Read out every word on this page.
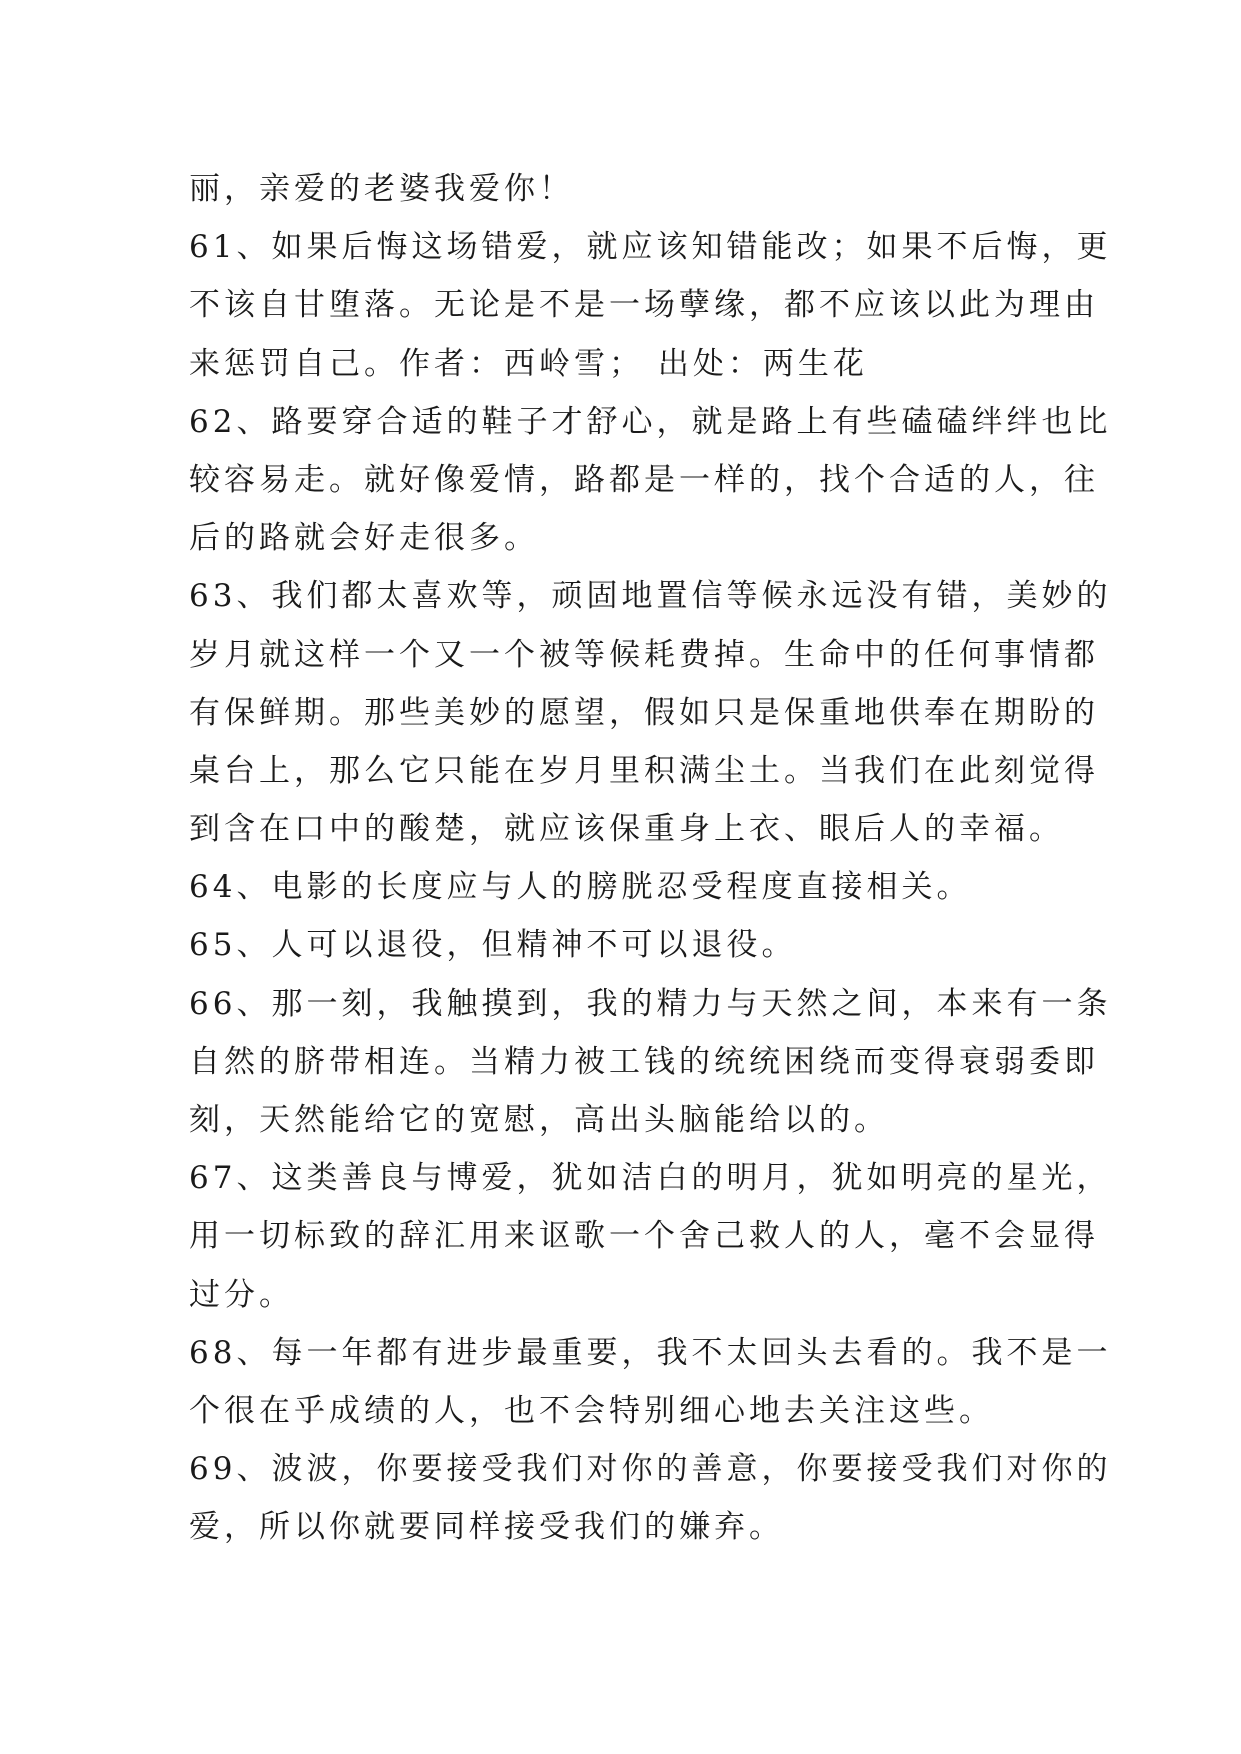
丽，亲爱的老婆我爱你！
61、如果后悔这场错爱，就应该知错能改；如果不后悔，更
不该自甘堕落。无论是不是一场孽缘，都不应该以此为理由
来惩罚自己。作者：西岭雪； 出处：两生花
62、路要穿合适的鞋子才舒心，就是路上有些磕磕绊绊也比
较容易走。就好像爱情，路都是一样的，找个合适的人，往
后的路就会好走很多。
63、我们都太喜欢等，顽固地置信等候永远没有错，美妙的
岁月就这样一个又一个被等候耗费掉。生命中的任何事情都
有保鲜期。那些美妙的愿望，假如只是保重地供奉在期盼的
桌台上，那么它只能在岁月里积满尘土。当我们在此刻觉得
到含在口中的酸楚，就应该保重身上衣、眼后人的幸福。
64、电影的长度应与人的膀胱忍受程度直接相关。
65、人可以退役，但精神不可以退役。
66、那一刻，我触摸到，我的精力与天然之间，本来有一条
自然的脐带相连。当精力被工钱的统统困绕而变得衰弱委即
刻，天然能给它的宽慰，高出头脑能给以的。
67、这类善良与博爱，犹如洁白的明月，犹如明亮的星光，
用一切标致的辞汇用来讴歌一个舍己救人的人，毫不会显得
过分。
68、每一年都有进步最重要，我不太回头去看的。我不是一
个很在乎成绩的人，也不会特别细心地去关注这些。
69、波波，你要接受我们对你的善意，你要接受我们对你的
爱，所以你就要同样接受我们的嫌弃。
